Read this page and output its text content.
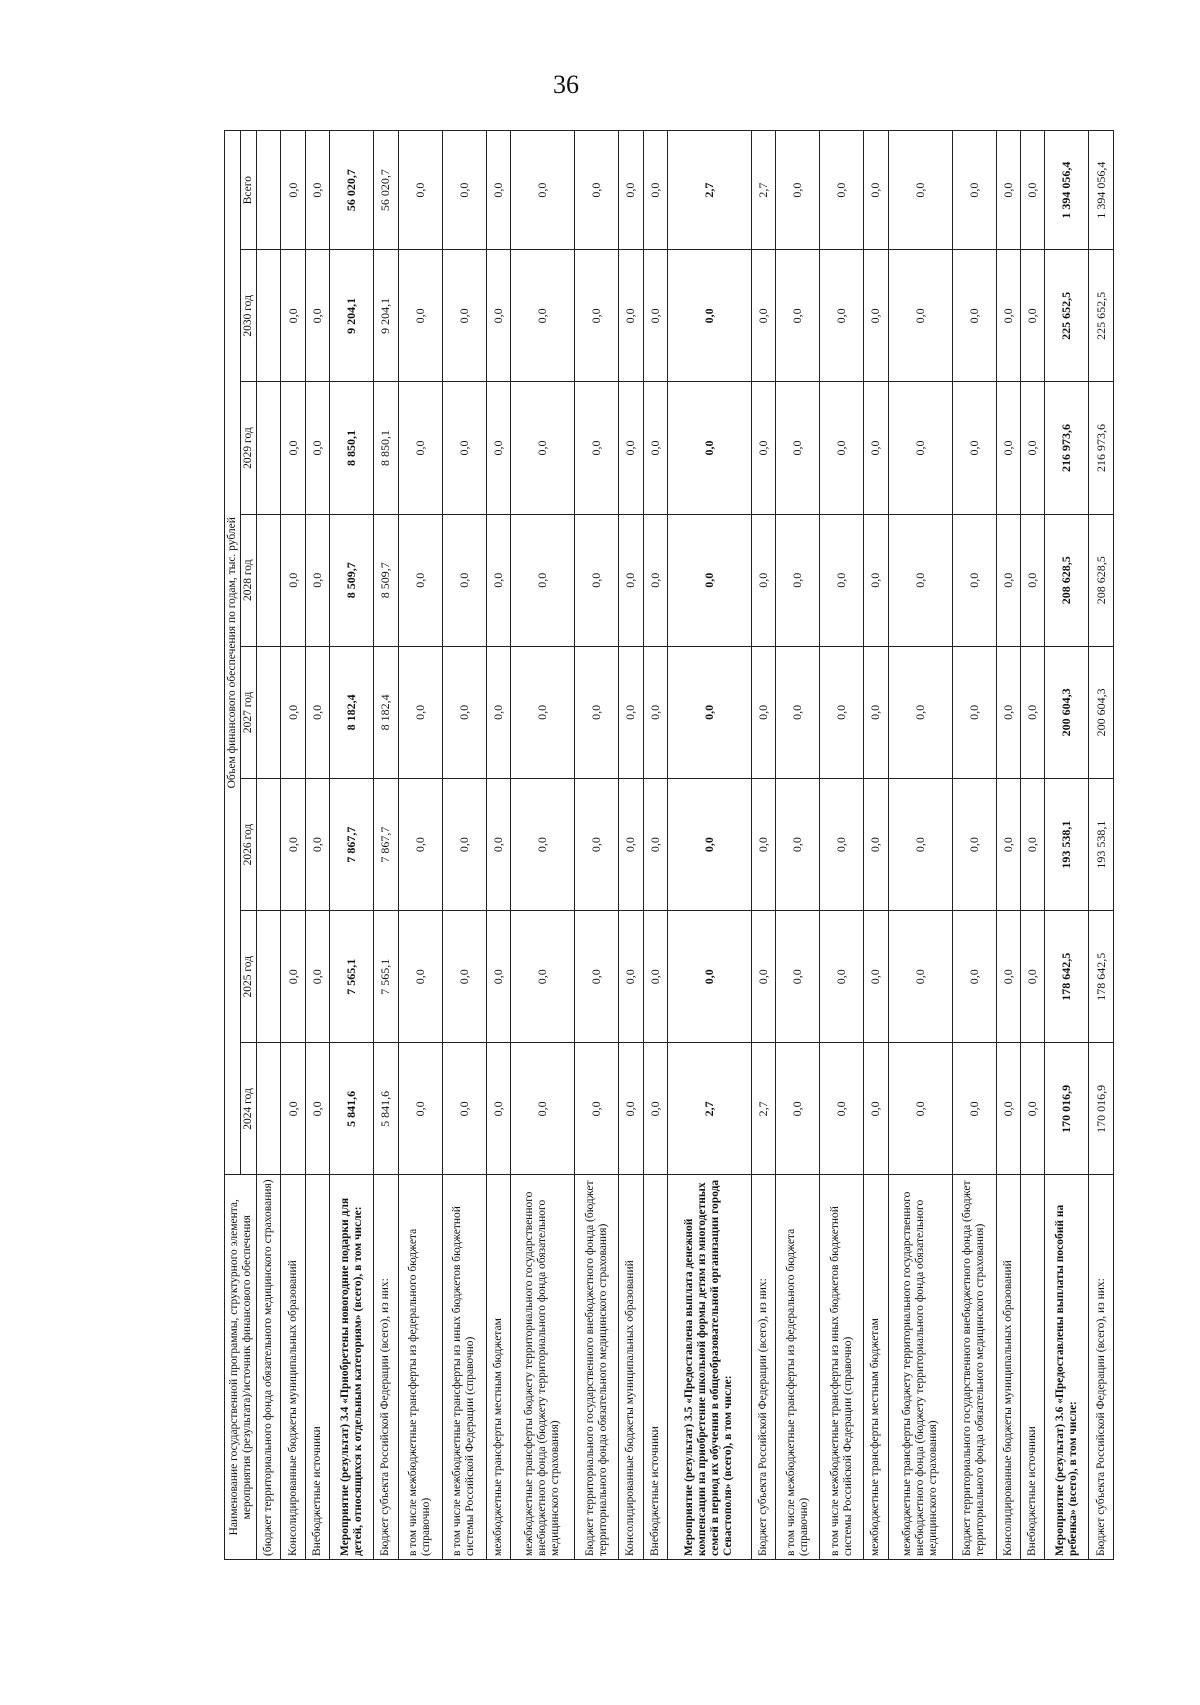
36
Наименование государственной программы, структурного элемента, мероприятия (результата)/источник финансового обеспечения	Объем финансового обеспечения по годам, тыс. рублей							
	2024 год	2025 год	2026 год	2027 год	2028 год	2029 год	2030 год	Всего
(бюджет территориального фонда обязательного медицинского страхования)								
Консолидированные бюджеты муниципальных образований	0,0	0,0	0,0	0,0	0,0	0,0	0,0	0,0
Внебюджетные источники	0,0	0,0	0,0	0,0	0,0	0,0	0,0	0,0
Мероприятие (результат) 3.4 «Приобретены новогодние подарки для детей, относящихся к отдельным категориям» (всего), в том числе:	5 841,6	7 565,1	7 867,7	8 182,4	8 509,7	8 850,1	9 204,1	56 020,7
Бюджет субъекта Российской Федерации (всего), из них:	5 841,6	7 565,1	7 867,7	8 182,4	8 509,7	8 850,1	9 204,1	56 020,7
в том числе межбюджетные трансферты из федерального бюджета (справочно)	0,0	0,0	0,0	0,0	0,0	0,0	0,0	0,0
в том числе межбюджетные трансферты из иных бюджетов бюджетной системы Российской Федерации (справочно)	0,0	0,0	0,0	0,0	0,0	0,0	0,0	0,0
межбюджетные трансферты местным бюджетам	0,0	0,0	0,0	0,0	0,0	0,0	0,0	0,0
межбюджетные трансферты бюджету территориального государственного внебюджетного фонда (бюджету территориального фонда обязательного медицинского страхования)	0,0	0,0	0,0	0,0	0,0	0,0	0,0	0,0
Бюджет территориального государственного внебюджетного фонда (бюджет территориального фонда обязательного медицинского страхования)	0,0	0,0	0,0	0,0	0,0	0,0	0,0	0,0
Консолидированные бюджеты муниципальных образований	0,0	0,0	0,0	0,0	0,0	0,0	0,0	0,0
Внебюджетные источники	0,0	0,0	0,0	0,0	0,0	0,0	0,0	0,0
Мероприятие (результат) 3.5 «Предоставлена выплата денежной компенсации на приобретение школьной формы детям из многодетных семей в период их обучения в общеобразовательной организации города Севастополя» (всего), в том числе:	2,7	0,0	0,0	0,0	0,0	0,0	0,0	2,7
Бюджет субъекта Российской Федерации (всего), из них:	2,7	0,0	0,0	0,0	0,0	0,0	0,0	2,7
в том числе межбюджетные трансферты из федерального бюджета (справочно)	0,0	0,0	0,0	0,0	0,0	0,0	0,0	0,0
в том числе межбюджетные трансферты из иных бюджетов бюджетной системы Российской Федерации (справочно)	0,0	0,0	0,0	0,0	0,0	0,0	0,0	0,0
межбюджетные трансферты местным бюджетам	0,0	0,0	0,0	0,0	0,0	0,0	0,0	0,0
межбюджетные трансферты бюджету территориального государственного внебюджетного фонда (бюджету территориального фонда обязательного медицинского страхования)	0,0	0,0	0,0	0,0	0,0	0,0	0,0	0,0
Бюджет территориального государственного внебюджетного фонда (бюджет территориального фонда обязательного медицинского страхования)	0,0	0,0	0,0	0,0	0,0	0,0	0,0	0,0
Консолидированные бюджеты муниципальных образований	0,0	0,0	0,0	0,0	0,0	0,0	0,0	0,0
Внебюджетные источники	0,0	0,0	0,0	0,0	0,0	0,0	0,0	0,0
Мероприятие (результат) 3.6 «Предоставлены выплаты пособий на ребенка» (всего), в том числе:	170 016,9	178 642,5	193 538,1	200 604,3	208 628,5	216 973,6	225 652,5	1 394 056,4
Бюджет субъекта Российской Федерации (всего), из них:	170 016,9	178 642,5	193 538,1	200 604,3	208 628,5	216 973,6	225 652,5	1 394 056,4
